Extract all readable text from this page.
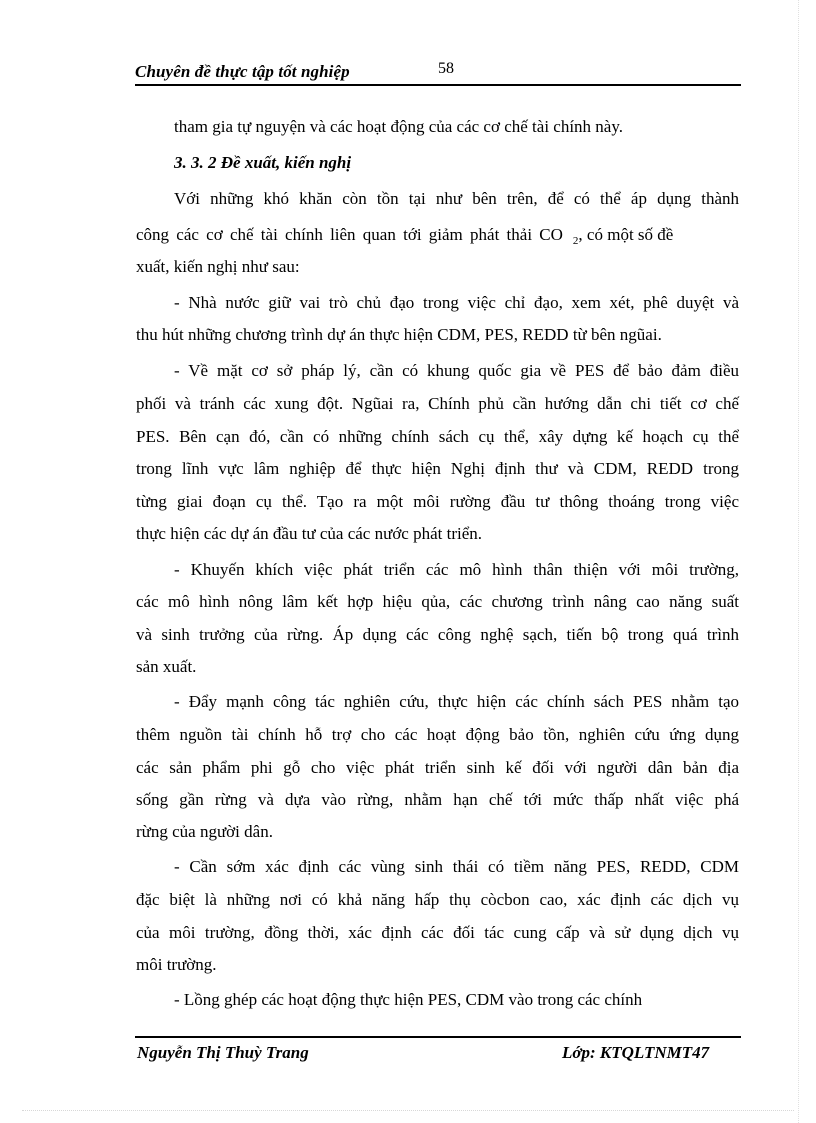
Chuyên đề thực tập tốt nghiệp	58
tham gia tự nguyện và các hoạt động của các cơ chế tài chính này.
3. 3. 2 Đề xuất, kiến nghị
Với những khó khăn còn tồn tại như bên trên, để có thể áp dụng thành
công các cơ chế tài chính liên quan tới giảm phát thải CO $_2$, có một số đề
xuất, kiến nghị như sau:
- Nhà nước giữ vai trò chủ đạo trong việc chỉ đạo, xem xét, phê duyệt và
thu hút những chương trình dự án thực hiện CDM, PES, REDD từ bên ngũai.
- Về mặt cơ sở pháp lý, cần có khung quốc gia về PES để bảo đảm điều
phối và tránh các xung đột. Ngũai ra, Chính phủ cần hướng dẫn chi tiết cơ chế
PES. Bên cạn đó, cần có những chính sách cụ thể, xây dựng kế hoạch cụ thể
trong lĩnh vực lâm nghiệp để thực hiện Nghị định thư và CDM, REDD trong
từng giai đoạn cụ thể. Tạo ra một môi rường đầu tư thông thoáng trong việc
thực hiện các dự án đầu tư của các nước phát triển.
- Khuyến khích việc phát triển các mô hình thân thiện với môi trường,
các mô hình nông lâm kết hợp hiệu qủa, các chương trình nâng cao năng suất
và sinh trưởng của rừng. Áp dụng các công nghệ sạch, tiến bộ trong quá trình
sản xuất.
- Đẩy mạnh công tác nghiên cứu, thực hiện các chính sách PES nhằm tạo
thêm nguồn tài chính hỗ trợ cho các hoạt động bảo tồn, nghiên cứu ứng dụng
các sản phẩm phi gỗ cho việc phát triển sinh kế đối với người dân bản địa
sống gần rừng và dựa vào rừng, nhằm hạn chế tới mức thấp nhất việc phá
rừng của người dân.
- Cần sớm xác định các vùng sinh thái có tiềm năng PES, REDD, CDM
đặc biệt là những nơi có khả năng hấp thụ còcbon cao, xác định các dịch vụ
của môi trường, đồng thời, xác định các đối tác cung cấp và sử dụng dịch vụ
môi trường.
- Lồng ghép các hoạt động thực hiện PES, CDM vào trong các chính
Nguyễn Thị Thuỳ Trang	Lớp: KTQLTNMT47
